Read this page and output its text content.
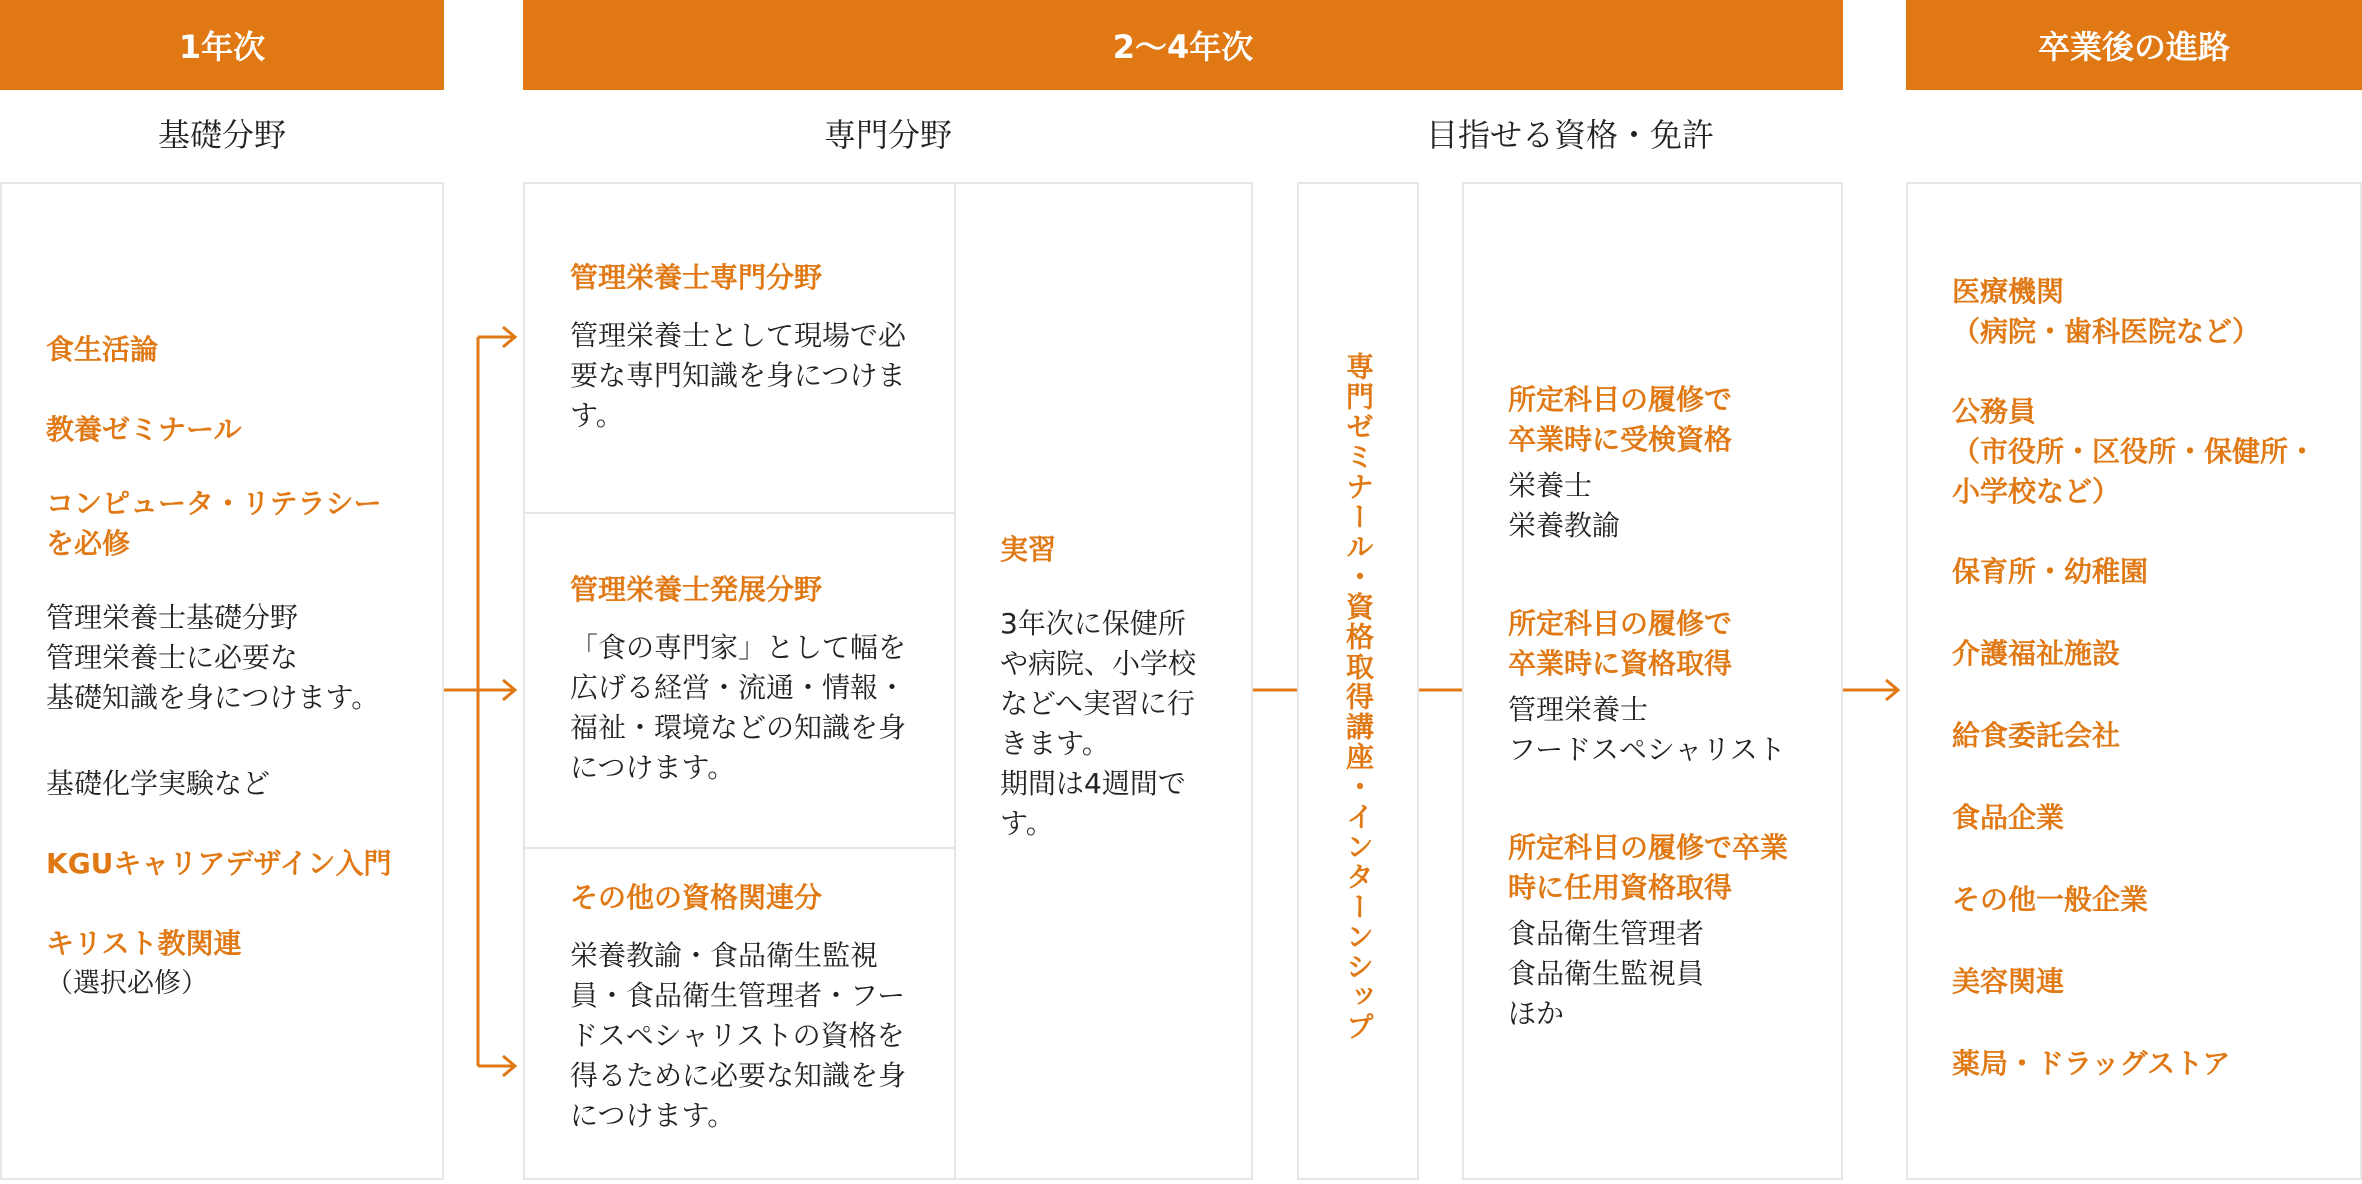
1年次	2〜4年次	卒業後の進路
基礎分野	専門分野	目指せる資格・免許
食生活論
教養ゼミナール
コンピュータ・リテラシー
を必修
管理栄養士基礎分野
管理栄養士に必要な
基礎知識を身につけます。
基礎化学実験など
KGUキャリアデザイン入門
キリスト教関連
（選択必修）
管理栄養士専門分野
管理栄養士として現場で必要な専門知識を身につけます。
管理栄養士発展分野
「食の専門家」として幅を広げる経営・流通・情報・福祉・環境などの知識を身につけます。
その他の資格関連分
栄養教諭・食品衛生監視員・食品衛生管理者・フードスペシャリストの資格を得るために必要な知識を身につけます。
実習
3年次に保健所や病院、小学校などへ実習に行きます。
期間は4週間です。	専門ゼミナール・資格取得講座・インターンシップ	所定科目の履修で
卒業時に受検資格
栄養士
栄養教諭
所定科目の履修で
卒業時に資格取得
管理栄養士
フードスペシャリスト
所定科目の履修で卒業
時に任用資格取得
食品衛生管理者
食品衛生監視員
ほか
医療機関
（病院・歯科医院など）
公務員
（市役所・区役所・保健所・
小学校など）
保育所・幼稚園
介護福祉施設
給食委託会社
食品企業
その他一般企業
美容関連
薬局・ドラッグストア
